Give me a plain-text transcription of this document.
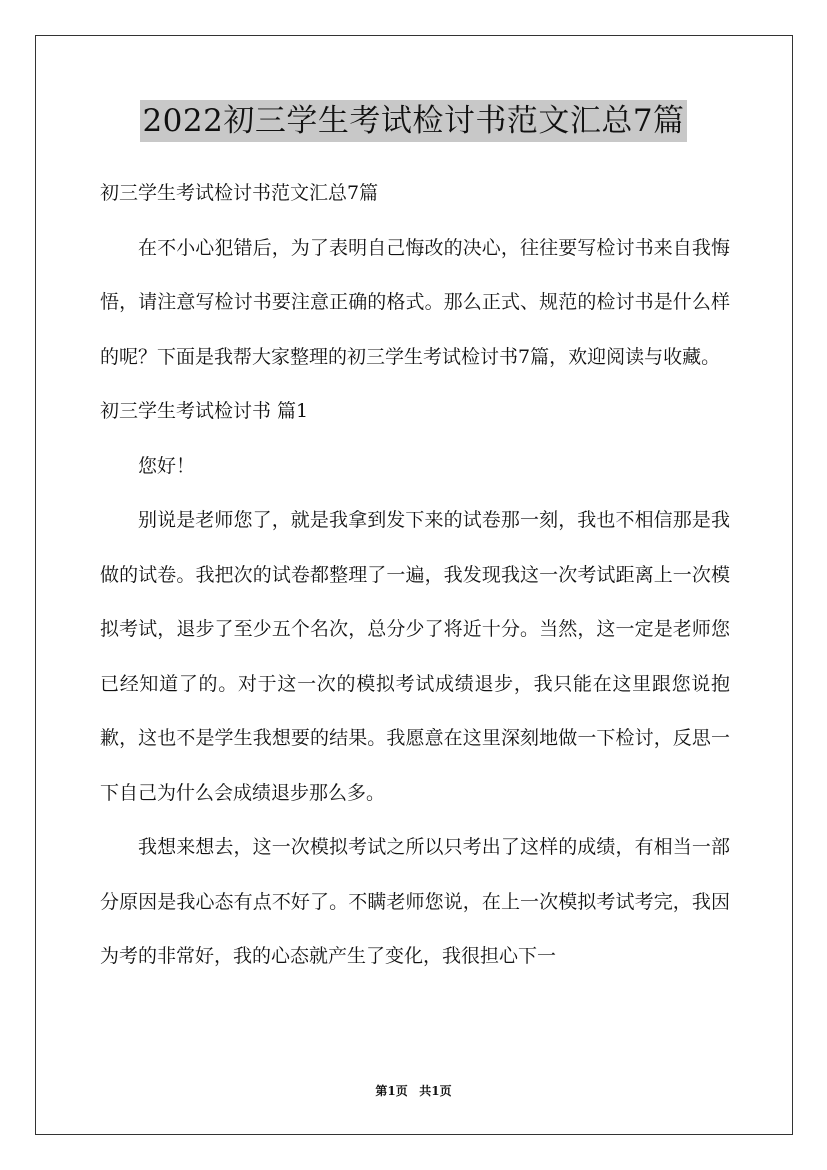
2022初三学生考试检讨书范文汇总7篇

初三学生考试检讨书范文汇总7篇

在不小心犯错后，为了表明自己悔改的决心，往往要写检讨书来自我悔悟，请注意写检讨书要注意正确的格式。那么正式、规范的检讨书是什么样的呢？下面是我帮大家整理的初三学生考试检讨书7篇，欢迎阅读与收藏。

初三学生考试检讨书 篇1

您好！

别说是老师您了，就是我拿到发下来的试卷那一刻，我也不相信那是我做的试卷。我把次的试卷都整理了一遍，我发现我这一次考试距离上一次模拟考试，退步了至少五个名次，总分少了将近十分。当然，这一定是老师您已经知道了的。对于这一次的模拟考试成绩退步，我只能在这里跟您说抱歉，这也不是学生我想要的结果。我愿意在这里深刻地做一下检讨，反思一下自己为什么会成绩退步那么多。

我想来想去，这一次模拟考试之所以只考出了这样的成绩，有相当一部分原因是我心态有点不好了。不瞒老师您说，在上一次模拟考试考完，我因为考的非常好，我的心态就产生了变化，我很担心下一

第1页 共1页
